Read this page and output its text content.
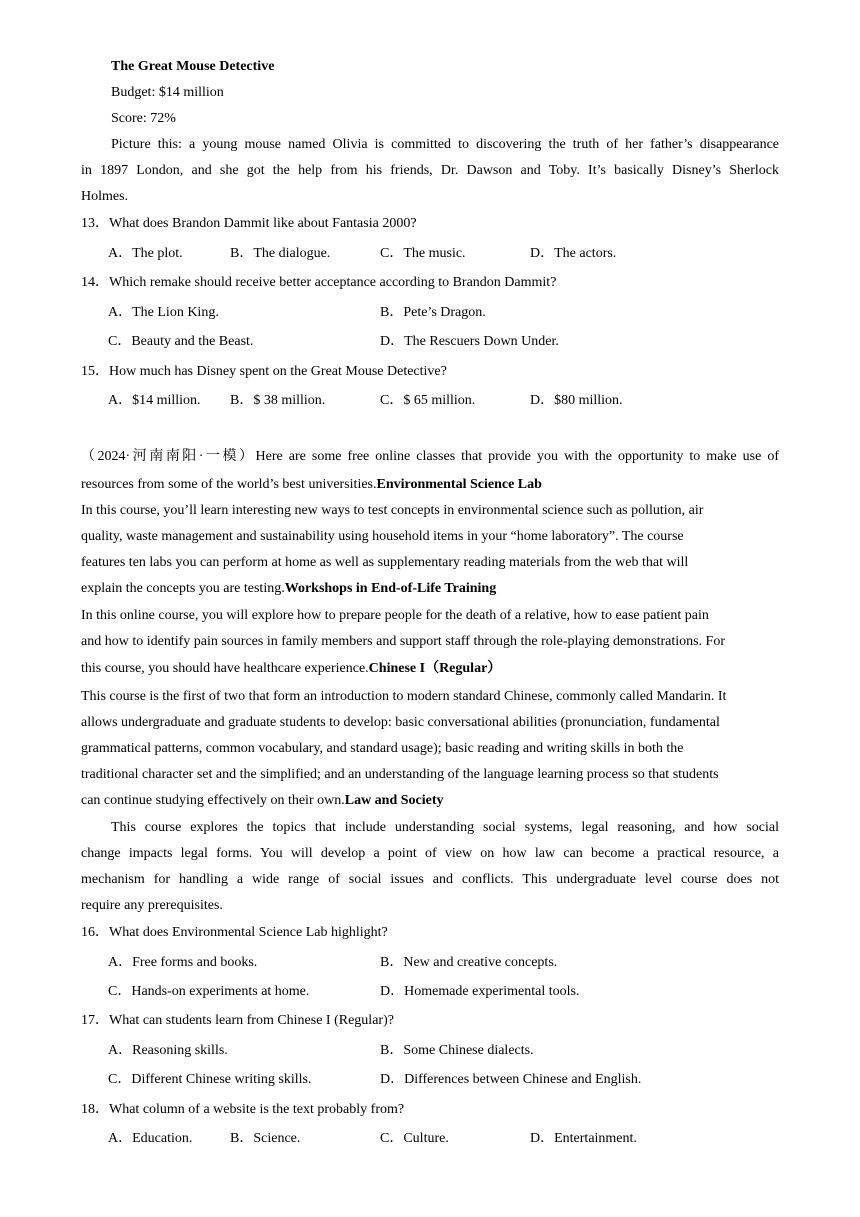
The Great Mouse Detective
Budget: $14 million
Score: 72%
Picture this: a young mouse named Olivia is committed to discovering the truth of her father’s disappearance
in 1897 London, and she got the help from his friends, Dr. Dawson and Toby. It’s basically Disney’s Sherlock
Holmes.
13．What does Brandon Dammit like about Fantasia 2000?
A．The plot.	B．The dialogue.	C．The music.	D．The actors.
14．Which remake should receive better acceptance according to Brandon Dammit?
A．The Lion King.	B．Pete’s Dragon.
C．Beauty and the Beast.	D．The Rescuers Down Under.
15．How much has Disney spent on the Great Mouse Detective?
A．$14 million. B．$ 38 million.	C．$ 65 million.	D．$80 million.
（2024·河南南阳·一模）Here are some free online classes that provide you with the opportunity to make use of
resources from some of the world’s best universities.Environmental Science Lab
In this course, you’ll learn interesting new ways to test concepts in environmental science such as pollution, air
quality, waste management and sustainability using household items in your “home laboratory”. The course
features ten labs you can perform at home as well as supplementary reading materials from the web that will
explain the concepts you are testing.Workshops in End-of-Life Training
In this online course, you will explore how to prepare people for the death of a relative, how to ease patient pain
and how to identify pain sources in family members and support staff through the role-playing demonstrations. For
this course, you should have healthcare experience.Chinese I（Regular）
This course is the first of two that form an introduction to modern standard Chinese, commonly called Mandarin. It
allows undergraduate and graduate students to develop: basic conversational abilities (pronunciation, fundamental
grammatical patterns, common vocabulary, and standard usage); basic reading and writing skills in both the
traditional character set and the simplified; and an understanding of the language learning process so that students
can continue studying effectively on their own.Law and Society
This course explores the topics that include understanding social systems, legal reasoning, and how social
change impacts legal forms. You will develop a point of view on how law can become a practical resource, a
mechanism for handling a wide range of social issues and conflicts. This undergraduate level course does not
require any prerequisites.
16．What does Environmental Science Lab highlight?
A．Free forms and books.	B．New and creative concepts.
C．Hands-on experiments at home.	D．Homemade experimental tools.
17．What can students learn from Chinese I (Regular)?
A．Reasoning skills.	B．Some Chinese dialects.
C．Different Chinese writing skills.	D．Differences between Chinese and English.
18．What column of a website is the text probably from?
A．Education.	B．Science.	C．Culture.	D．Entertainment.
